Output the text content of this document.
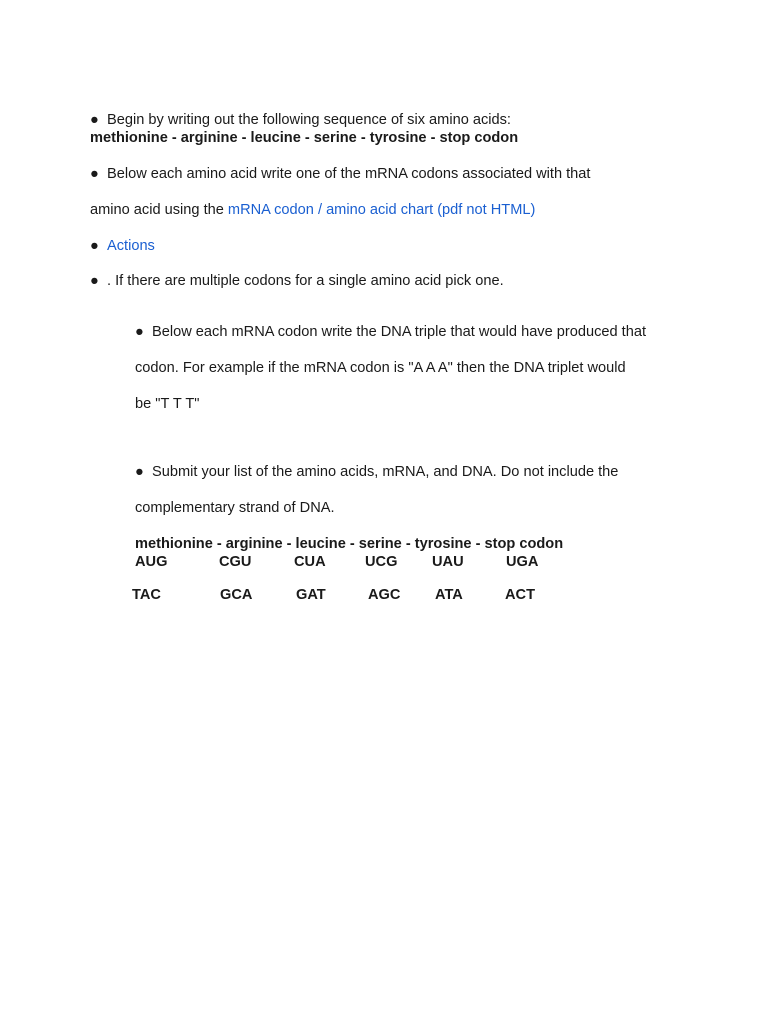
● Begin by writing out the following sequence of six amino acids:
methionine - arginine - leucine - serine - tyrosine - stop codon
● Below each amino acid write one of the mRNA codons associated with that
amino acid using the mRNA codon / amino acid chart (pdf not HTML)
● Actions
● . If there are multiple codons for a single amino acid pick one.
● Below each mRNA codon write the DNA triple that would have produced that
codon. For example if the mRNA codon is "A A A" then the DNA triplet would
be "T T T"
● Submit your list of the amino acids, mRNA, and DNA. Do not include the
complementary strand of DNA.
methionine - arginine - leucine - serine - tyrosine - stop codon
AUG	CGU	CUA	UCG UAU	UGA
TAC	GCA	GAT	AGC ATA	ACT
